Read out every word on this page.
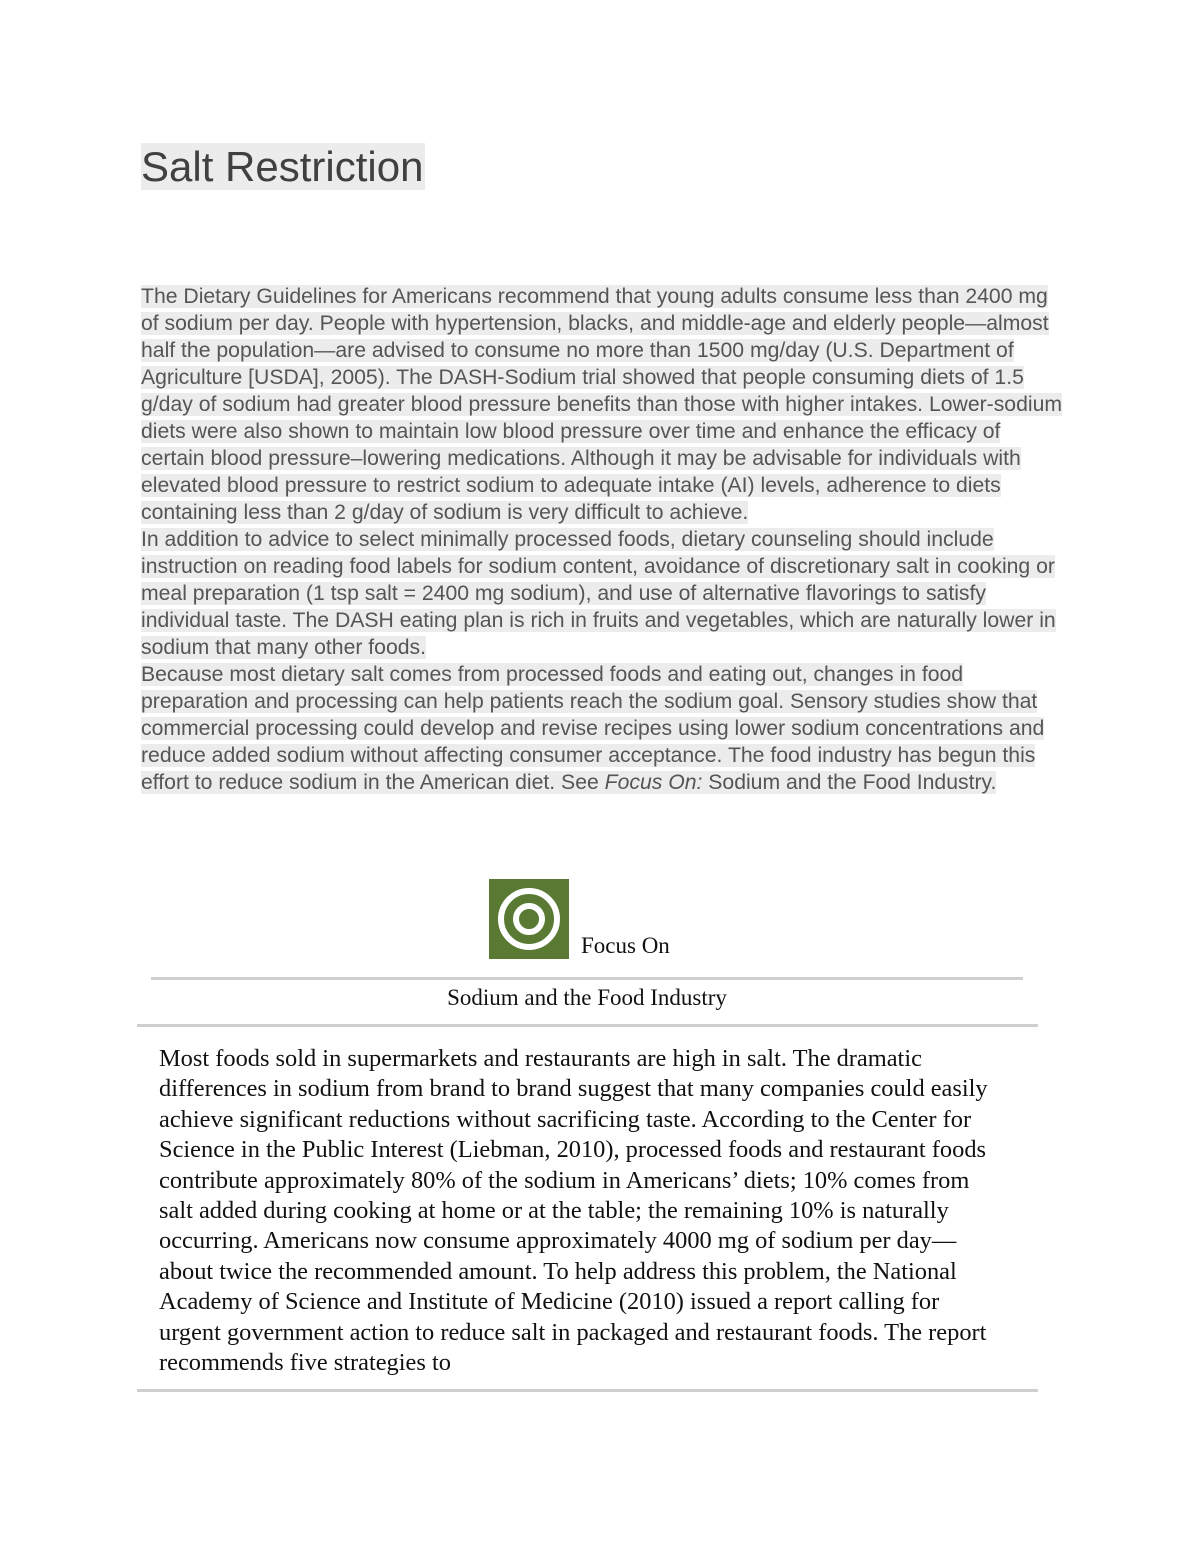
Salt Restriction

The Dietary Guidelines for Americans recommend that young adults consume less than 2400 mg of sodium per day. People with hypertension, blacks, and middle-age and elderly people—almost half the population—are advised to consume no more than 1500 mg/day (U.S. Department of Agriculture [USDA], 2005). The DASH-Sodium trial showed that people consuming diets of 1.5 g/day of sodium had greater blood pressure benefits than those with higher intakes. Lower-sodium diets were also shown to maintain low blood pressure over time and enhance the efficacy of certain blood pressure–lowering medications. Although it may be advisable for individuals with elevated blood pressure to restrict sodium to adequate intake (AI) levels, adherence to diets containing less than 2 g/day of sodium is very difficult to achieve.

In addition to advice to select minimally processed foods, dietary counseling should include instruction on reading food labels for sodium content, avoidance of discretionary salt in cooking or meal preparation (1 tsp salt = 2400 mg sodium), and use of alternative flavorings to satisfy individual taste. The DASH eating plan is rich in fruits and vegetables, which are naturally lower in sodium that many other foods.

Because most dietary salt comes from processed foods and eating out, changes in food preparation and processing can help patients reach the sodium goal. Sensory studies show that commercial processing could develop and revise recipes using lower sodium concentrations and reduce added sodium without affecting consumer acceptance. The food industry has begun this effort to reduce sodium in the American diet. See Focus On: Sodium and the Food Industry.

Focus On
Sodium and the Food Industry

Most foods sold in supermarkets and restaurants are high in salt. The dramatic differences in sodium from brand to brand suggest that many companies could easily achieve significant reductions without sacrificing taste. According to the Center for Science in the Public Interest (Liebman, 2010), processed foods and restaurant foods contribute approximately 80% of the sodium in Americans’ diets; 10% comes from salt added during cooking at home or at the table; the remaining 10% is naturally occurring. Americans now consume approximately 4000 mg of sodium per day—about twice the recommended amount. To help address this problem, the National Academy of Science and Institute of Medicine (2010) issued a report calling for urgent government action to reduce salt in packaged and restaurant foods. The report recommends five strategies to
